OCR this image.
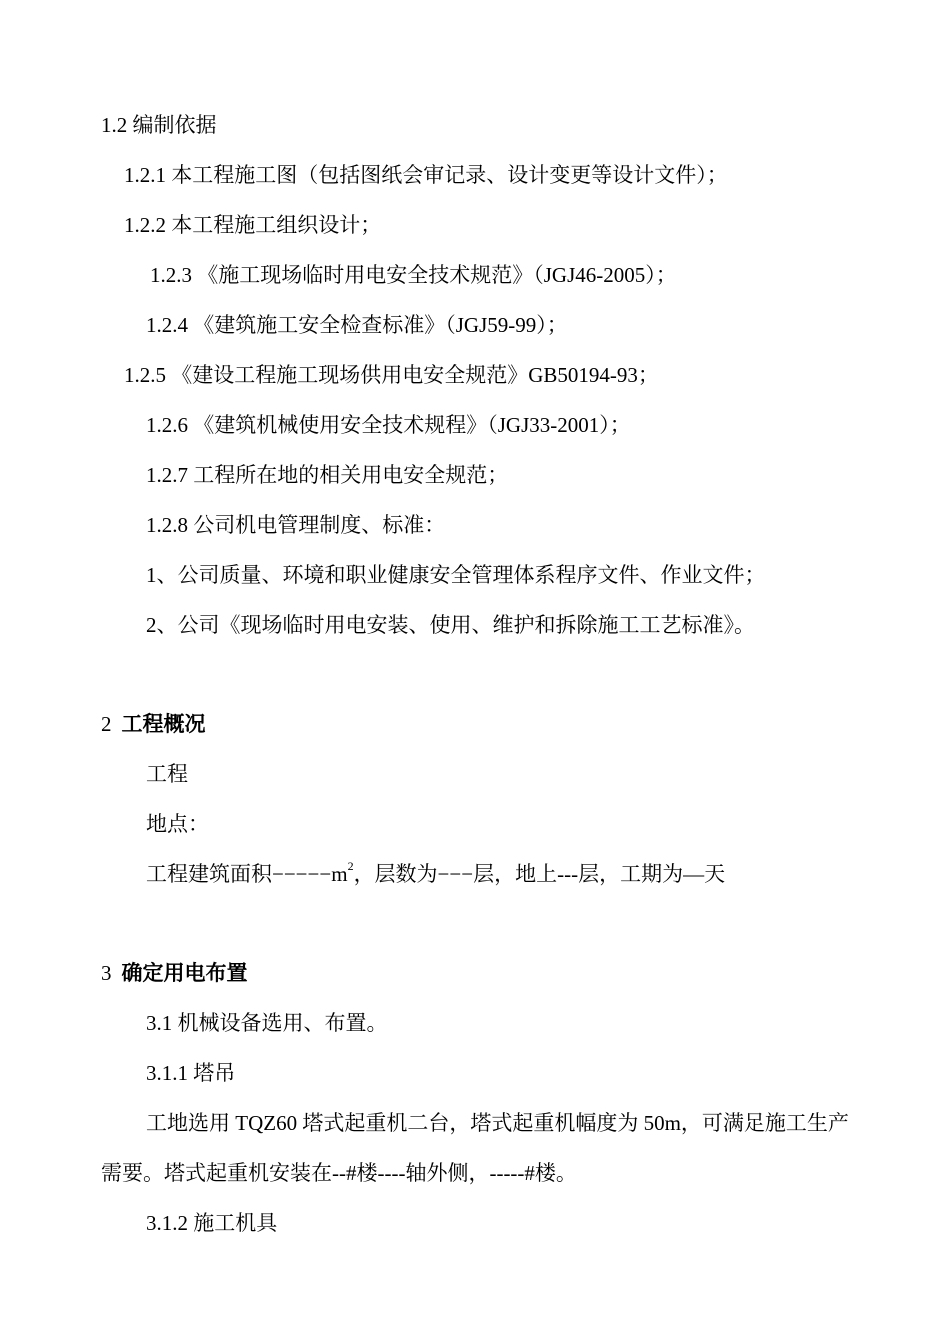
1.2 编制依据
1.2.1 本工程施工图（包括图纸会审记录、设计变更等设计文件）；
1.2.2 本工程施工组织设计；
1.2.3 《施工现场临时用电安全技术规范》（JGJ46-2005）；
1.2.4 《建筑施工安全检查标准》（JGJ59-99）；
1.2.5 《建设工程施工现场供用电安全规范》GB50194-93；
1.2.6 《建筑机械使用安全技术规程》（JGJ33-2001）；
1.2.7 工程所在地的相关用电安全规范；
1.2.8 公司机电管理制度、标准：
1、公司质量、环境和职业健康安全管理体系程序文件、作业文件；
2、公司《现场临时用电安装、使用、维护和拆除施工工艺标准》。
2 工程概况
工程
地点：
工程建筑面积$-----m^2$，层数为−−−层，地上---层，工期为—天
3 确定用电布置
3.1 机械设备选用、布置。
3.1.1 塔吊
工地选用 TQZ60 塔式起重机二台，塔式起重机幅度为 50m，可满足施工生产
需要。塔式起重机安装在--#楼----轴外侧，-----#楼。
3.1.2 施工机具
